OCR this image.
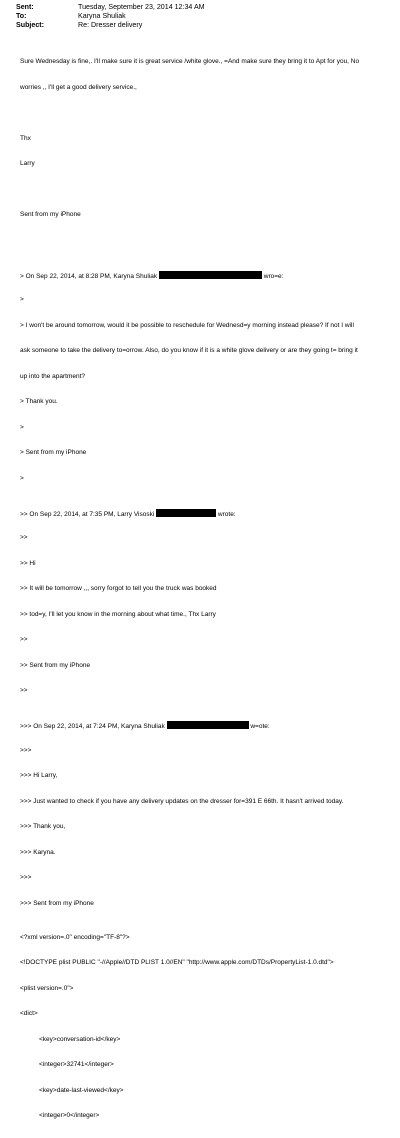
Sent:	Tuesday, September 23, 2014 12:34 AM
To:	Karyna Shuliak
Subject:	Re: Dresser delivery

Sure Wednesday is fine,. I'll make sure it is great service /white glove., =And make sure they bring it to Apt for you, No

worries ,, I'll get a good delivery service.,

Thx

Larry

Sent from my iPhone

> On Sep 22, 2014, at 8:28 PM, Karyna Shuliak	wro=e:

>

> I won't be around tomorrow, would it be possible to reschedule for Wednesd=y morning instead please? If not I will

ask someone to take the delivery to=orrow. Also, do you know if it is a white glove delivery or are they going t= bring it

up into the apartment?

> Thank you.

>

> Sent from my iPhone

>

>> On Sep 22, 2014, at 7:35 PM, Larry Visoski	wrote:

>>

>> Hi

>> It will be tomorrow ,,, sorry forgot to tell you the truck was booked

>> tod=y, I'll let you know in the morning about what time., Thx Larry

>>

>> Sent from my iPhone

>>

>>> On Sep 22, 2014, at 7:24 PM, Karyna Shuliak	w=ote:

>>>

>>> Hi Larry,

>>> Just wanted to check if you have any delivery updates on the dresser for=391 E 66th. It hasn't arrived today.

>>> Thank you,

>>> Karyna.

>>>

>>> Sent from my iPhone

<?xml version=.0" encoding="TF-8"?>

<!DOCTYPE plist PUBLIC "-//Apple//DTD PLIST 1.0//EN" "http://www.apple.com/DTDs/PropertyList-1.0.dtd">

<plist version=.0">

<dict>

<key>conversation-id</key>

<integer>32741</integer>

<key>date-last-viewed</key>

<integer>0</integer>
